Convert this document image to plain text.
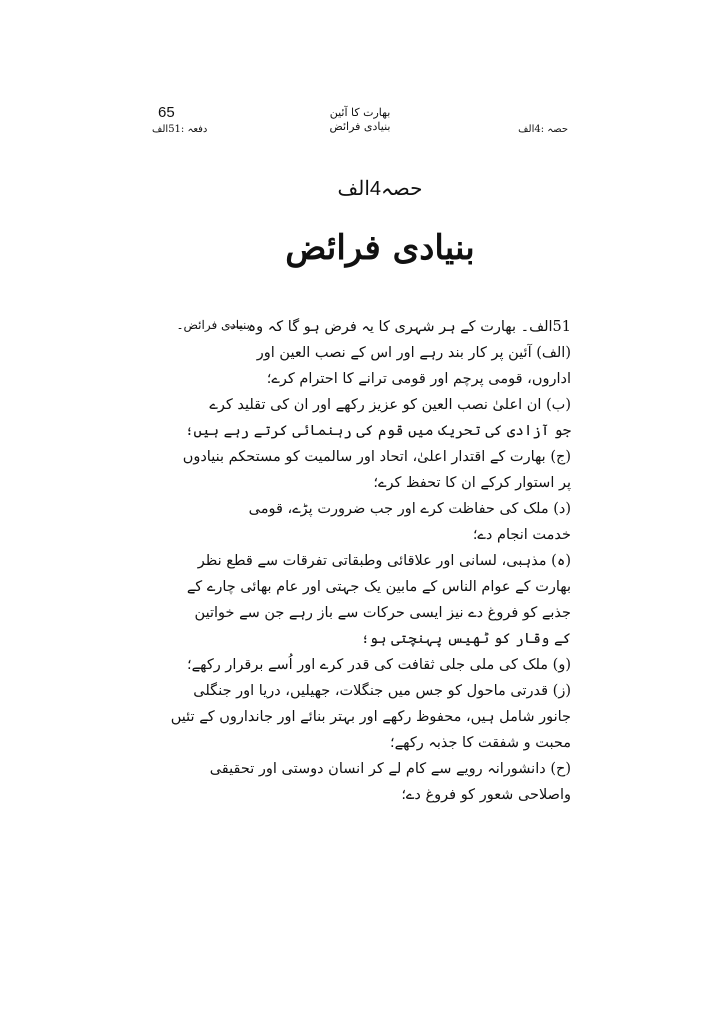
65	بھارت کا آئین
بنیادی فرائض
دفعہ :51الف	حصہ :4الف
حصہ4الف
بنیادی فرائض
بنیادی فرائض۔
51الف۔ بھارت کے ہر شہری کا یہ فرض ہو گا کہ وہ —
(الف) آئین پر کار بند رہے اور اس کے نصب العین اور
اداروں، قومی پرچم اور قومی ترانے کا احترام کرے؛
(ب) ان اعلیٰ نصب العین کو عزیز رکھے اور ان کی تقلید کرے
جو آزادی کی تحریک میں قوم کی رہنمائی کرتے رہے ہیں؛
(ج) بھارت کے اقتدار اعلیٰ، اتحاد اور سالمیت کو مستحکم بنیادوں
پر استوار کرکے ان کا تحفظ کرے؛
(د) ملک کی حفاظت کرے اور جب ضرورت پڑے، قومی
خدمت انجام دے؛
(ہ) مذہبی، لسانی اور علاقائی وطبقاتی تفرقات سے قطع نظر
بھارت کے عوام الناس کے مابین یک جہتی اور عام بھائی چارے کے
جذبے کو فروغ دے نیز ایسی حرکات سے باز رہے جن سے خواتین
کے وقار کو ٹھیس پہنچتی ہو؛
(و) ملک کی ملی جلی ثقافت کی قدر کرے اور اُسے برقرار رکھے؛
(ز) قدرتی ماحول کو جس میں جنگلات، جھیلیں، دریا اور جنگلی
جانور شامل ہیں، محفوظ رکھے اور بہتر بنائے اور جانداروں کے تئیں
محبت و شفقت کا جذبہ رکھے؛
(ح) دانشورانہ رویے سے کام لے کر انسان دوستی اور تحقیقی
واصلاحی شعور کو فروغ دے؛
